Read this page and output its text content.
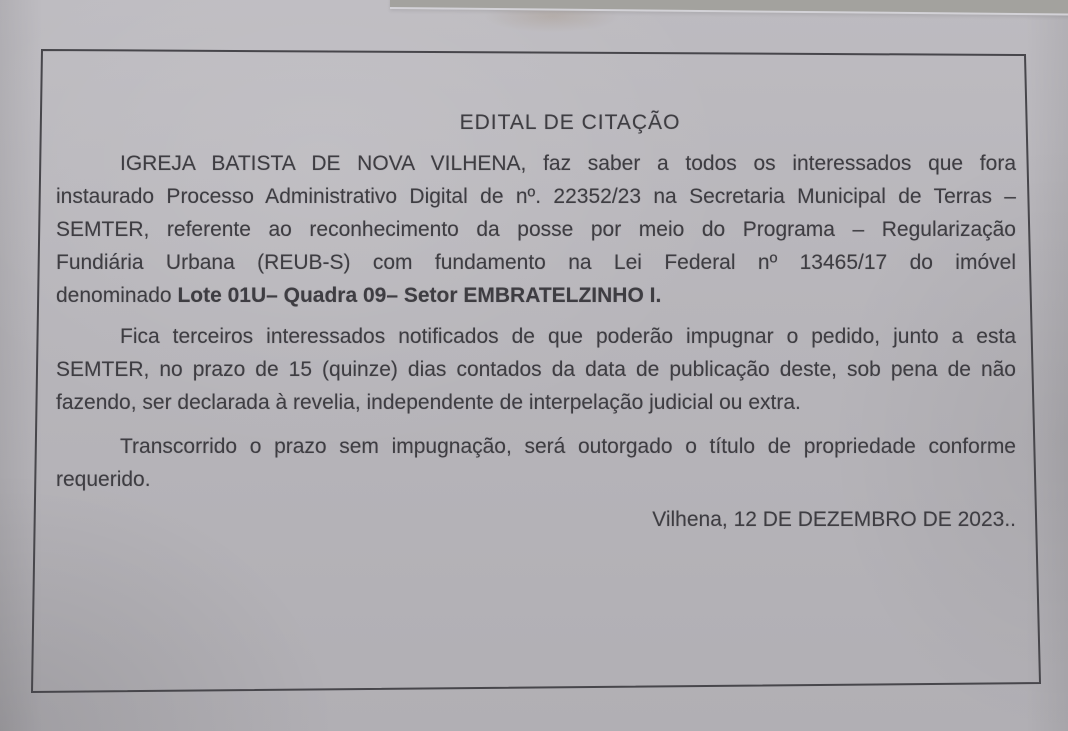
EDITAL DE CITAÇÃO
IGREJA BATISTA DE NOVA VILHENA, faz saber a todos os interessados que fora
instaurado Processo Administrativo Digital de nº. 22352/23 na Secretaria Municipal de Terras –
SEMTER, referente ao reconhecimento da posse por meio do Programa – Regularização
Fundiária Urbana (REUB-S) com fundamento na Lei Federal nº 13465/17 do imóvel
denominado Lote 01U– Quadra 09– Setor EMBRATELZINHO I.
Fica terceiros interessados notificados de que poderão impugnar o pedido, junto a esta
SEMTER, no prazo de 15 (quinze) dias contados da data de publicação deste, sob pena de não
fazendo, ser declarada à revelia, independente de interpelação judicial ou extra.
Transcorrido o prazo sem impugnação, será outorgado o título de propriedade conforme
requerido.
Vilhena, 12 DE DEZEMBRO DE 2023..
